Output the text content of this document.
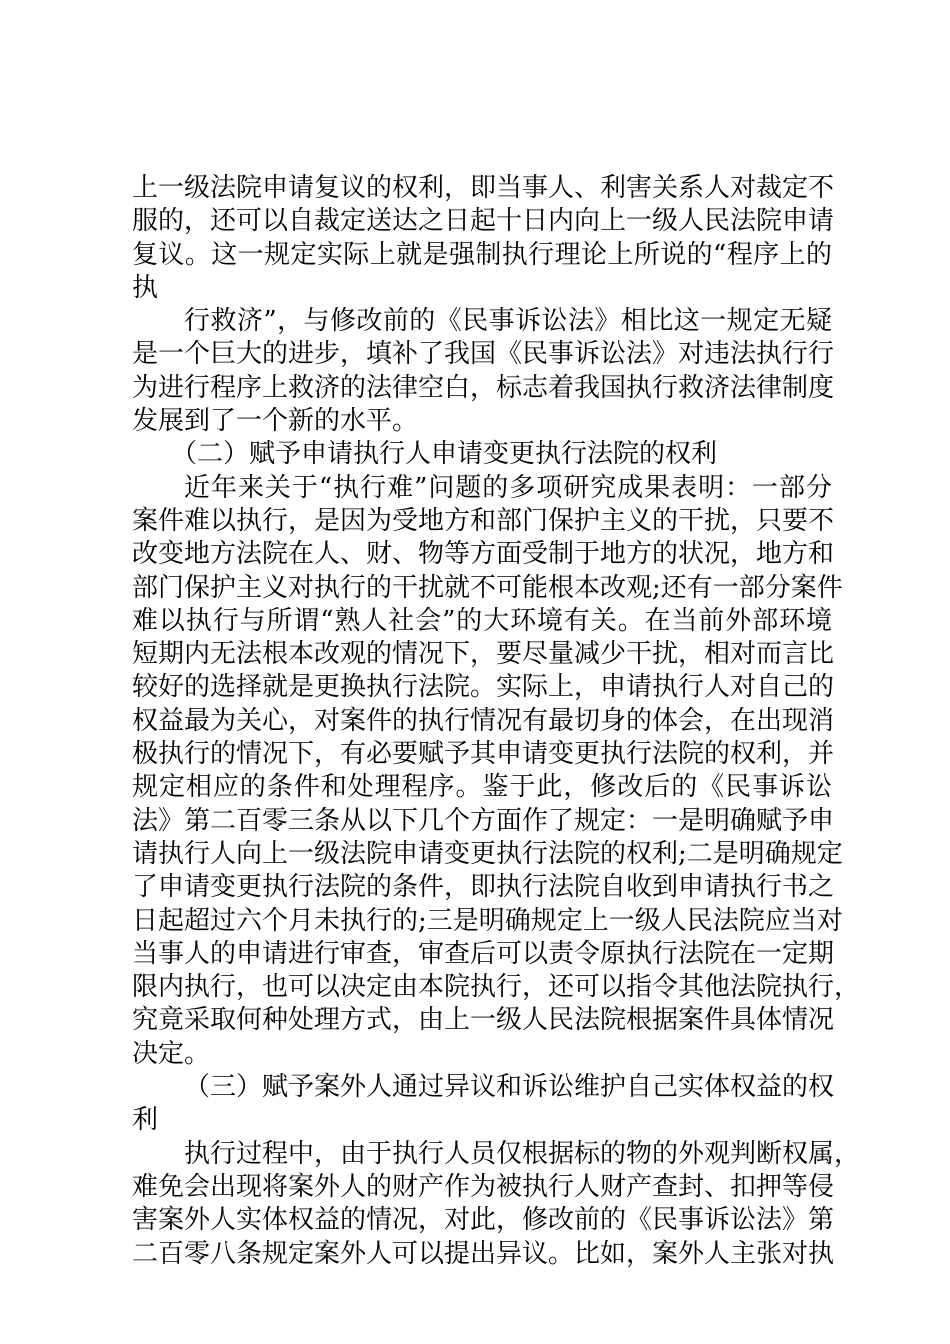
上一级法院申请复议的权利，即当事人、利害关系人对裁定不
服的，还可以自裁定送达之日起十日内向上一级人民法院申请
复议。这一规定实际上就是强制执行理论上所说的“程序上的
执
行救济”，与修改前的《民事诉讼法》相比这一规定无疑
是一个巨大的进步，填补了我国《民事诉讼法》对违法执行行
为进行程序上救济的法律空白，标志着我国执行救济法律制度
发展到了一个新的水平。
（二）赋予申请执行人申请变更执行法院的权利
近年来关于“执行难”问题的多项研究成果表明：一部分
案件难以执行，是因为受地方和部门保护主义的干扰，只要不
改变地方法院在人、财、物等方面受制于地方的状况，地方和
部门保护主义对执行的干扰就不可能根本改观;还有一部分案件
难以执行与所谓“熟人社会”的大环境有关。在当前外部环境
短期内无法根本改观的情况下，要尽量减少干扰，相对而言比
较好的选择就是更换执行法院。实际上，申请执行人对自己的
权益最为关心，对案件的执行情况有最切身的体会，在出现消
极执行的情况下，有必要赋予其申请变更执行法院的权利，并
规定相应的条件和处理程序。鉴于此，修改后的《民事诉讼
法》第二百零三条从以下几个方面作了规定：一是明确赋予申
请执行人向上一级法院申请变更执行法院的权利;二是明确规定
了申请变更执行法院的条件，即执行法院自收到申请执行书之
日起超过六个月未执行的;三是明确规定上一级人民法院应当对
当事人的申请进行审查，审查后可以责令原执行法院在一定期
限内执行，也可以决定由本院执行，还可以指令其他法院执行，
究竟采取何种处理方式，由上一级人民法院根据案件具体情况
决定。
（三）赋予案外人通过异议和诉讼维护自己实体权益的权
利
执行过程中，由于执行人员仅根据标的物的外观判断权属，
难免会出现将案外人的财产作为被执行人财产查封、扣押等侵
害案外人实体权益的情况，对此，修改前的《民事诉讼法》第
二百零八条规定案外人可以提出异议。比如，案外人主张对执
